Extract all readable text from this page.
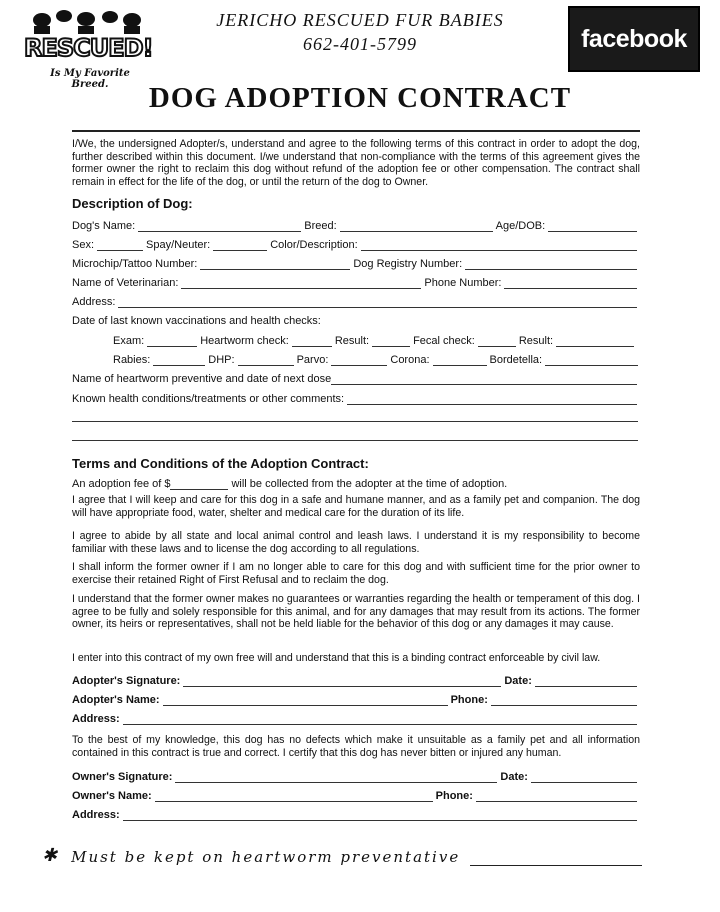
RESCUED!
Is My Favorite Breed.
JERICHO RESCUED FUR BABIES
662-401-5799	facebook
DOG ADOPTION CONTRACT
I/We, the undersigned Adopter/s, understand and agree to the following terms of this contract in order to adopt the dog, further described within this document. I/we understand that non-compliance with the terms of this agreement gives the former owner the right to reclaim this dog without refund of the adoption fee or other compensation. The contract shall remain in effect for the life of the dog, or until the return of the dog to Owner.
Description of Dog:
Dog's Name:	Breed:	Age/DOB:
Sex:	Spay/Neuter:	Color/Description:
Microchip/Tattoo Number:	Dog Registry Number:
Name of Veterinarian:	Phone Number:
Address:
Date of last known vaccinations and health checks:
Exam:	Heartworm check:	Result:	Fecal check:	Result:
Rabies:	DHP:	Parvo:	Corona:	Bordetella:
Name of heartworm preventive and date of next dose
Known health conditions/treatments or other comments:
Terms and Conditions of the Adoption Contract:
An adoption fee of $	will be collected from the adopter at the time of adoption.
I agree that I will keep and care for this dog in a safe and humane manner, and as a family pet and companion. The dog will have appropriate food, water, shelter and medical care for the duration of its life.
I agree to abide by all state and local animal control and leash laws. I understand it is my responsibility to become familiar with these laws and to license the dog according to all regulations.
I shall inform the former owner if I am no longer able to care for this dog and with sufficient time for the prior owner to exercise their retained Right of First Refusal and to reclaim the dog.
I understand that the former owner makes no guarantees or warranties regarding the health or temperament of this dog. I agree to be fully and solely responsible for this animal, and for any damages that may result from its actions. The former owner, its heirs or representatives, shall not be held liable for the behavior of this dog or any damages it may cause.
I enter into this contract of my own free will and understand that this is a binding contract enforceable by civil law.
Adopter's Signature:	Date:
Adopter's Name:	Phone:
Address:
To the best of my knowledge, this dog has no defects which make it unsuitable as a family pet and all information contained in this contract is true and correct. I certify that this dog has never bitten or injured any human.
Owner's Signature:	Date:
Owner's Name:	Phone:
Address:
✱ Must be kept on heartworm preventative
